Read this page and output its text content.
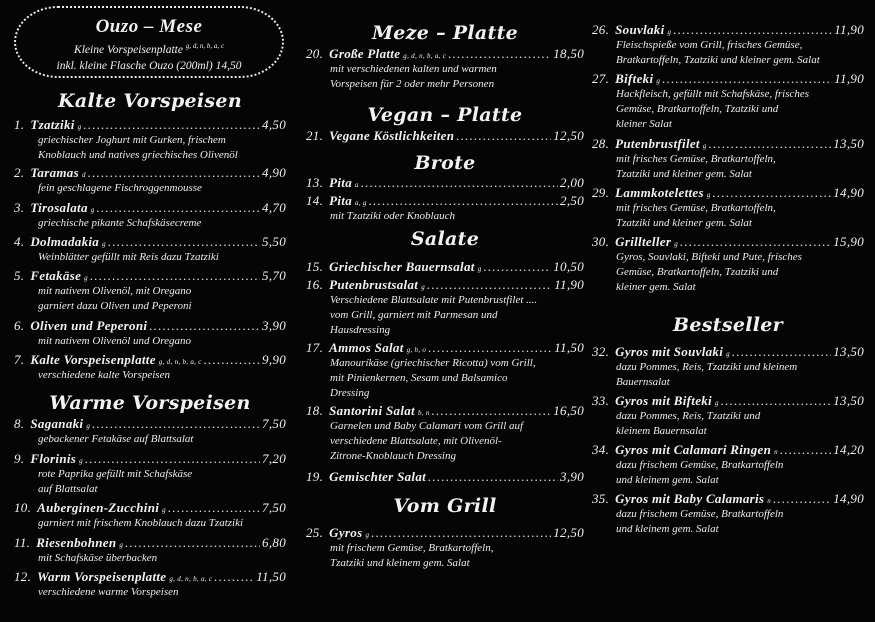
Ouzo – Mese
Kleine Vorspeisenplatte $^{g, d, n, b, a, c}$
inkl. kleine Flasche Ouzo (200ml) 14,50
Kalte Vorspeisen
1. Tzatziki g .....	4,50
griechischer Joghurt mit Gurken, frischem
Knoblauch und natives griechisches Olivenöl
2. Taramas d .....	4,90
fein geschlagene Fischroggenmousse
3. Tirosalata g .....	4,70
griechische pikante Schafskäsecreme
4. Dolmadakia g .....	5,50
Weinblätter gefüllt mit Reis dazu Tzatziki
5. Fetakäse g .....	5,70
mit nativem Olivenöl, mit Oregano
garniert dazu Oliven und Peperoni
6. Oliven und Peperoni .....	3,90
mit nativem Olivenöl und Oregano
7. Kalte Vorspeisenplatte g, d, n, b, a, c .....	9,90
verschiedene kalte Vorspeisen
Warme Vorspeisen
8. Saganaki g .....	7,50
gebackener Fetakäse auf Blattsalat
9. Florinis g .....	7,20
rote Paprika gefüllt mit Schafskäse
auf Blattsalat
10. Auberginen-Zucchini g .....	7,50
garniert mit frischem Knoblauch dazu Tzatziki
11. Riesenbohnen g .....	6,80
mit Schafskäse überbacken
12. Warm Vorspeisenplatte g, d, n, b, a, c .....	11,50
verschiedene warme Vorspeisen
Meze – Platte
20. Große Platte g, d, n, b, a, c .....	18,50
mit verschiedenen kalten und warmen
Vorspeisen für 2 oder mehr Personen
Vegan – Platte
21. Vegane Köstlichkeiten .....	12,50
Brote
13. Pita a .....	2,00
14. Pita a, g .....	2,50
mit Tzatziki oder Knoblauch
Salate
15. Griechischer Bauernsalat g .....	10,50
16. Putenbrustsalat g .....	11,90
Verschiedene Blattsalate mit Putenbrustfilet ....
vom Grill, garniert mit Parmesan und
Hausdressing
17. Ammos Salat g, h, o .....	11,50
Manouríkäse (griechischer Ricotta) vom Grill,
mit Pinienkernen, Sesam und Balsamico
Dressing
18. Santorini Salat b, n .....	16,50
Garnelen und Baby Calamari vom Grill auf
verschiedene Blattsalate, mit Olivenöl-
Zitrone-Knoblauch Dressing
19. Gemischter Salat .....	3,90
Vom Grill
25. Gyros g .....	12,50
mit frischem Gemüse, Bratkartoffeln,
Tzatziki und kleinem gem. Salat
26. Souvlaki g .....	11,90
Fleischspieße vom Grill, frisches Gemüse,
Bratkartoffeln, Tzatziki und kleiner gem. Salat
27. Bifteki g .....	11,90
Hackfleisch, gefüllt mit Schafskäse, frisches
Gemüse, Bratkartoffeln, Tzatziki und
kleiner Salat
28. Putenbrustfilet g .....	13,50
mit frisches Gemüse, Bratkartoffeln,
Tzatziki und kleiner gem. Salat
29. Lammkotelettes g .....	14,90
mit frisches Gemüse, Bratkartoffeln,
Tzatziki und kleiner gem. Salat
30. Grillteller g .....	15,90
Gyros, Souvlaki, Bifteki und Pute, frisches
Gemüse, Bratkartoffeln, Tzatziki und
kleiner gem. Salat
Bestseller
32. Gyros mit Souvlaki g .....	13,50
dazu Pommes, Reis, Tzatziki und kleinem
Bauernsalat
33. Gyros mit Bifteki g .....	13,50
dazu Pommes, Reis, Tzatziki und
kleinem Bauernsalat
34. Gyros mit Calamari Ringen n .....	14,20
dazu frischem Gemüse, Bratkartoffeln
und kleinem gem. Salat
35. Gyros mit Baby Calamaris n .....	14,90
dazu frischem Gemüse, Bratkartoffeln
und kleinem gem. Salat
